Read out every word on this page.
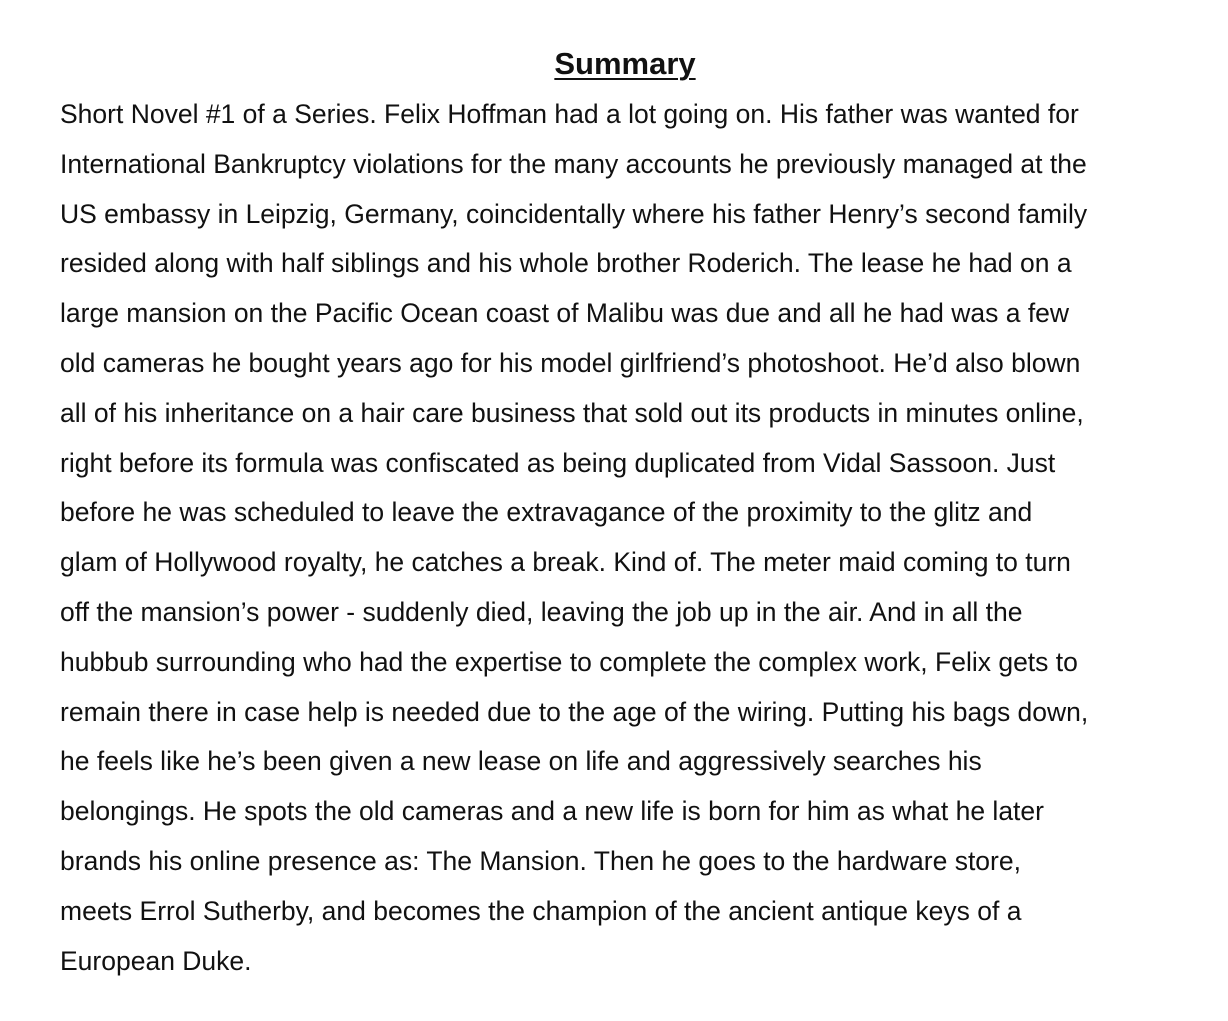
Summary

Short Novel #1 of a Series. Felix Hoffman had a lot going on. His father was wanted for
International Bankruptcy violations for the many accounts he previously managed at the
US embassy in Leipzig, Germany, coincidentally where his father Henry’s second family
resided along with half siblings and his whole brother Roderich. The lease he had on a
large mansion on the Pacific Ocean coast of Malibu was due and all he had was a few
old cameras he bought years ago for his model girlfriend’s photoshoot. He’d also blown
all of his inheritance on a hair care business that sold out its products in minutes online,
right before its formula was confiscated as being duplicated from Vidal Sassoon. Just
before he was scheduled to leave the extravagance of the proximity to the glitz and
glam of Hollywood royalty, he catches a break. Kind of. The meter maid coming to turn
off the mansion’s power - suddenly died, leaving the job up in the air. And in all the
hubbub surrounding who had the expertise to complete the complex work, Felix gets to
remain there in case help is needed due to the age of the wiring. Putting his bags down,
he feels like he’s been given a new lease on life and aggressively searches his
belongings. He spots the old cameras and a new life is born for him as what he later
brands his online presence as: The Mansion. Then he goes to the hardware store,
meets Errol Sutherby, and becomes the champion of the ancient antique keys of a
European Duke.
